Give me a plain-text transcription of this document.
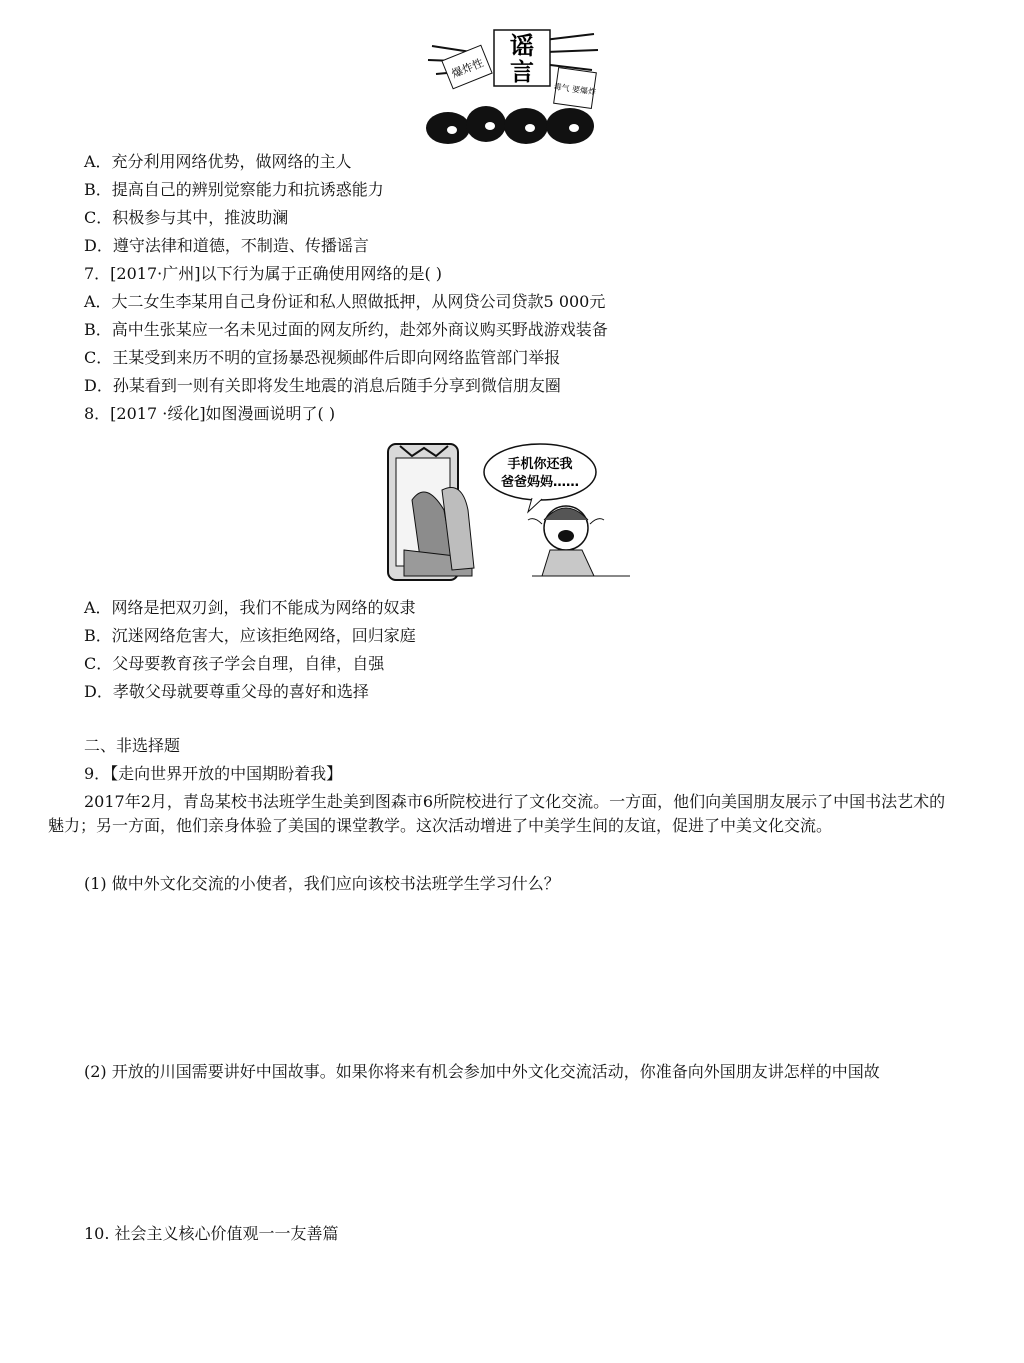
谣
言
爆炸性
毒气 要爆炸
A．充分利用网络优势，做网络的主人
B．提高自己的辨别觉察能力和抗诱惑能力
C．积极参与其中，推波助澜
D．遵守法律和道德，不制造、传播谣言
7．[2017·广州]以下行为属于正确使用网络的是( )
A．大二女生李某用自己身份证和私人照做抵押，从网贷公司贷款5 000元
B．高中生张某应一名未见过面的网友所约，赴郊外商议购买野战游戏装备
C．王某受到来历不明的宣扬暴恐视频邮件后即向网络监管部门举报
D．孙某看到一则有关即将发生地震的消息后随手分享到微信朋友圈
8．[2017 ·绥化]如图漫画说明了( )
手机你还我
爸爸妈妈……
A．网络是把双刃剑，我们不能成为网络的奴隶
B．沉迷网络危害大，应该拒绝网络，回归家庭
C．父母要教育孩子学会自理，自律，自强
D．孝敬父母就要尊重父母的喜好和选择
二、非选择题
9．【走向世界开放的中国期盼着我】
2017年2月，青岛某校书法班学生赴美到图森市6所院校进行了文化交流。一方面，他们向美国朋友展示了中国书法艺术的魅力；另一方面，他们亲身体验了美国的课堂教学。这次活动增进了中美学生间的友谊，促进了中美文化交流。
(1) 做中外文化交流的小使者，我们应向该校书法班学生学习什么？
(2) 开放的川国需要讲好中国故事。如果你将来有机会参加中外文化交流活动，你准备向外国朋友讲怎样的中国故
10. 社会主义核心价值观一一友善篇
